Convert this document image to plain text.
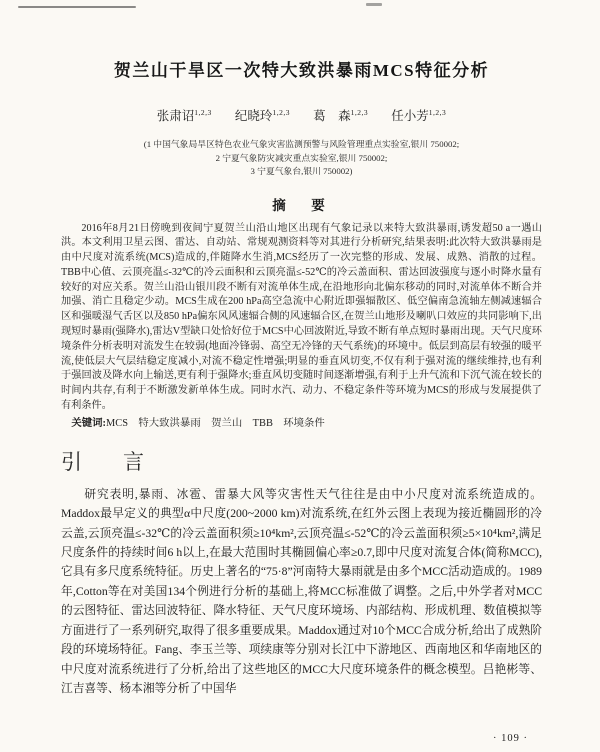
贺兰山干旱区一次特大致洪暴雨MCS特征分析
张肃诏$^{1,2,3}$ 纪晓玲$^{1,2,3}$ 葛　森$^{1,2,3}$ 任小芳$^{1,2,3}$
(1 中国气象局旱区特色农业气象灾害监测预警与风险管理重点实验室,银川 750002;
2 宁夏气象防灾减灾重点实验室,银川 750002;
3 宁夏气象台,银川 750002)
摘　要

2016年8月21日傍晚到夜间宁夏贺兰山沿山地区出现有气象记录以来特大致洪暴雨,诱发超50 a一遇山洪。本文利用卫星云图、雷达、自动站、常规观测资料等对其进行分析研究,结果表明:此次特大致洪暴雨是由中尺度对流系统(MCS)造成的,伴随降水生消,MCS经历了一次完整的形成、发展、成熟、消散的过程。TBB中心值、云顶亮温≤-32℃的冷云面积和云顶亮温≤-52℃的冷云盖面积、雷达回波强度与逐小时降水量有较好的对应关系。贺兰山沿山银川段不断有对流单体生成,在沿地形向北偏东移动的同时,对流单体不断合并加强、消亡且稳定少动。MCS生成在200 hPa高空急流中心附近即强辐散区、低空偏南急流轴左侧减速辐合区和强暖湿气舌区以及850 hPa偏东风风速辐合侧的风速辐合区,在贺兰山地形及喇叭口效应的共同影响下,出现短时暴雨(强降水),雷达V型缺口处恰好位于MCS中心回波附近,导致不断有单点短时暴雨出现。天气尺度环境条件分析表明对流发生在较弱(地面冷锋弱、高空无冷锋的天气系统)的环境中。低层到高层有较强的暖平流,使低层大气层结稳定度减小,对流不稳定性增强;明显的垂直风切变,不仅有利于强对流的继续维持,也有利于强回波及降水向上输送,更有利于强降水;垂直风切变随时间逐渐增强,有利于上升气流和下沉气流在较长的时间内共存,有利于不断激发新单体生成。同时水汽、动力、不稳定条件等环境为MCS的形成与发展提供了有利条件。

关键词:MCS　特大致洪暴雨　贺兰山　TBB　环境条件

引　言

研究表明,暴雨、冰雹、雷暴大风等灾害性天气往往是由中小尺度对流系统造成的。Maddox最早定义的典型α中尺度(200~2000 km)对流系统,在红外云图上表现为接近椭圆形的冷云盖,云顶亮温≤-32℃的冷云盖面积须≥10⁴km²,云顶亮温≤-52℃的冷云盖面积须≥5×10⁴km²,满足尺度条件的持续时间6 h以上,在最大范围时其椭圆偏心率≥0.7,即中尺度对流复合体(简称MCC),它具有多尺度系统特征。历史上著名的“75·8”河南特大暴雨就是由多个MCC活动造成的。1989年,Cotton等在对美国134个例进行分析的基础上,将MCC标准做了调整。之后,中外学者对MCC的云图特征、雷达回波特征、降水特征、天气尺度环境场、内部结构、形成机理、数值模拟等方面进行了一系列研究,取得了很多重要成果。Maddox通过对10个MCC合成分析,给出了成熟阶段的环境场特征。Fang、李玉兰等、项续康等分别对长江中下游地区、西南地区和华南地区的中尺度对流系统进行了分析,给出了这些地区的MCC大尺度环境条件的概念模型。吕艳彬等、江吉喜等、杨本湘等分析了中国华

· 109 ·
